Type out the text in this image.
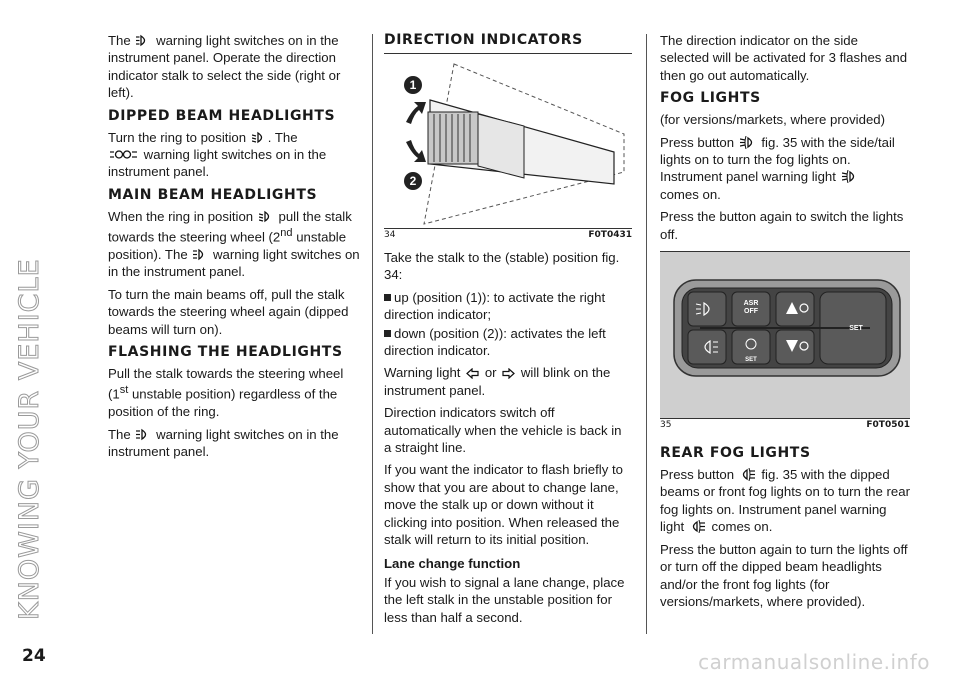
KNOWING YOUR VEHICLE
24	carmanualsonline.info

The warning light switches on in the instrument panel. Operate the direction indicator stalk to select the side (right or left).

DIPPED BEAM HEADLIGHTS

Turn the ring to position . The
warning light switches on in the instrument panel.

MAIN BEAM HEADLIGHTS

When the ring in position pull the stalk towards the steering wheel (2nd unstable position). The warning light switches on in the instrument panel.

To turn the main beams off, pull the stalk towards the steering wheel again (dipped beams will turn on).

FLASHING THE HEADLIGHTS

Pull the stalk towards the steering wheel (1st unstable position) regardless of the position of the ring.

The warning light switches on in the instrument panel.

DIRECTION INDICATORS
1
2
34	F0T0431

Take the stalk to the (stable) position fig. 34:

up (position (1)): to activate the right direction indicator;

down (position (2)): activates the left direction indicator.

Warning light or will blink on the instrument panel.

Direction indicators switch off automatically when the vehicle is back in a straight line.

If you want the indicator to flash briefly to show that you are about to change lane, move the stalk up or down without it clicking into position. When released the stalk will return to its initial position.

Lane change function

If you wish to signal a lane change, place the left stalk in the unstable position for less than half a second.

The direction indicator on the side selected will be activated for 3 flashes and then go out automatically.

FOG LIGHTS

(for versions/markets, where provided)

Press button fig. 35 with the side/tail lights on to turn the fog lights on. Instrument panel warning light
comes on.

Press the button again to switch the lights off.

ASR OFF
SET
SET
35	F0T0501
REAR FOG LIGHTS

Press button fig. 35 with the dipped beams or front fog lights on to turn the rear fog lights on. Instrument panel warning light comes on.

Press the button again to turn the lights off or turn off the dipped beam headlights and/or the front fog lights (for versions/markets, where provided).
